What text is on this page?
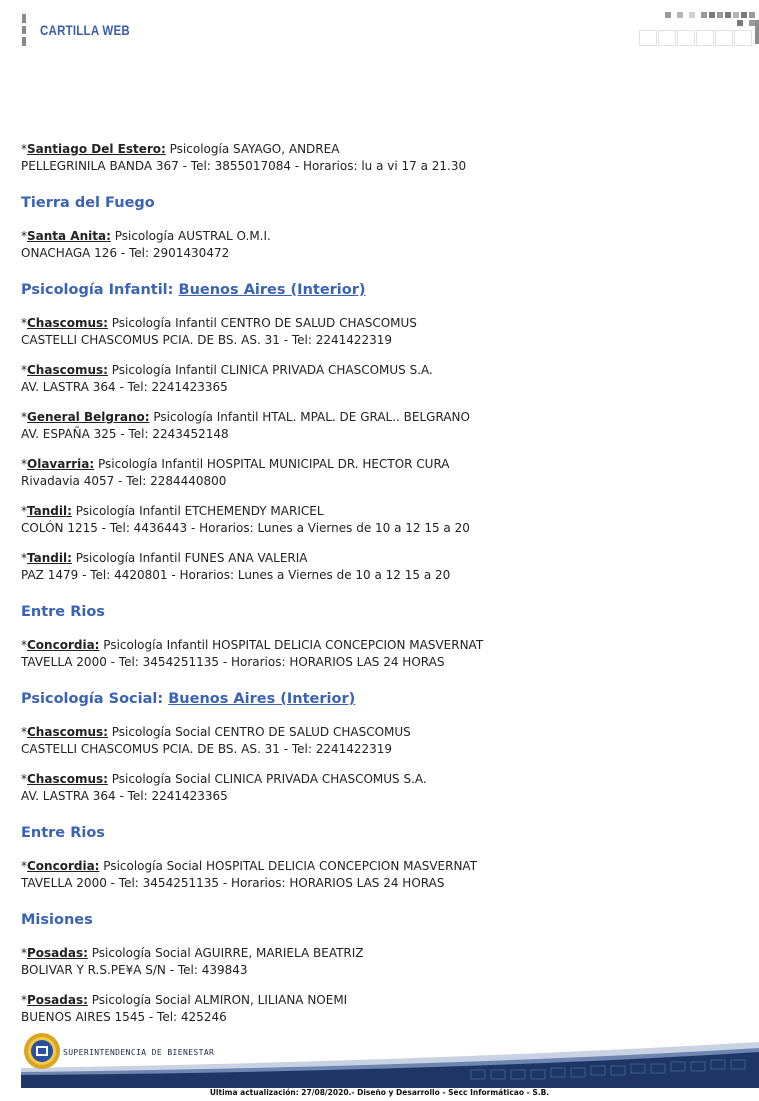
CARTILLA WEB

*Santiago Del Estero: Psicología SAYAGO, ANDREA
PELLEGRINILA BANDA 367 - Tel: 3855017084 - Horarios: lu a vi 17 a 21.30

Tierra del Fuego

*Santa Anita: Psicología AUSTRAL O.M.I.
ONACHAGA 126 - Tel: 2901430472

Psicología Infantil: Buenos Aires (Interior)

*Chascomus: Psicología Infantil CENTRO DE SALUD CHASCOMUS
CASTELLI CHASCOMUS PCIA. DE BS. AS. 31 - Tel: 2241422319

*Chascomus: Psicología Infantil CLINICA PRIVADA CHASCOMUS S.A.
AV. LASTRA 364 - Tel: 2241423365

*General Belgrano: Psicología Infantil HTAL. MPAL. DE GRAL.. BELGRANO
AV. ESPAÑA 325 - Tel: 2243452148

*Olavarria: Psicología Infantil HOSPITAL MUNICIPAL DR. HECTOR CURA
Rivadavia 4057 - Tel: 2284440800

*Tandil: Psicología Infantil ETCHEMENDY MARICEL
COLÓN 1215 - Tel: 4436443 - Horarios: Lunes a Viernes de 10 a 12 15 a 20

*Tandil: Psicología Infantil FUNES ANA VALERIA
PAZ 1479 - Tel: 4420801 - Horarios: Lunes a Viernes de 10 a 12 15 a 20

Entre Rios

*Concordia: Psicología Infantil HOSPITAL DELICIA CONCEPCION MASVERNAT
TAVELLA 2000 - Tel: 3454251135 - Horarios: HORARIOS LAS 24 HORAS

Psicología Social: Buenos Aires (Interior)

*Chascomus: Psicología Social CENTRO DE SALUD CHASCOMUS
CASTELLI CHASCOMUS PCIA. DE BS. AS. 31 - Tel: 2241422319

*Chascomus: Psicología Social CLINICA PRIVADA CHASCOMUS S.A.
AV. LASTRA 364 - Tel: 2241423365

Entre Rios

*Concordia: Psicología Social HOSPITAL DELICIA CONCEPCION MASVERNAT
TAVELLA 2000 - Tel: 3454251135 - Horarios: HORARIOS LAS 24 HORAS

Misiones

*Posadas: Psicología Social AGUIRRE, MARIELA BEATRIZ
BOLIVAR Y R.S.PE¥A S/N - Tel: 439843

*Posadas: Psicología Social ALMIRON, LILIANA NOEMI
BUENOS AIRES 1545 - Tel: 425246

SUPERINTENDENCIA DE BIENESTAR
Ultima actualización: 27/08/2020.- Diseño y Desarrollo - Secc Informáticao - S.B.
